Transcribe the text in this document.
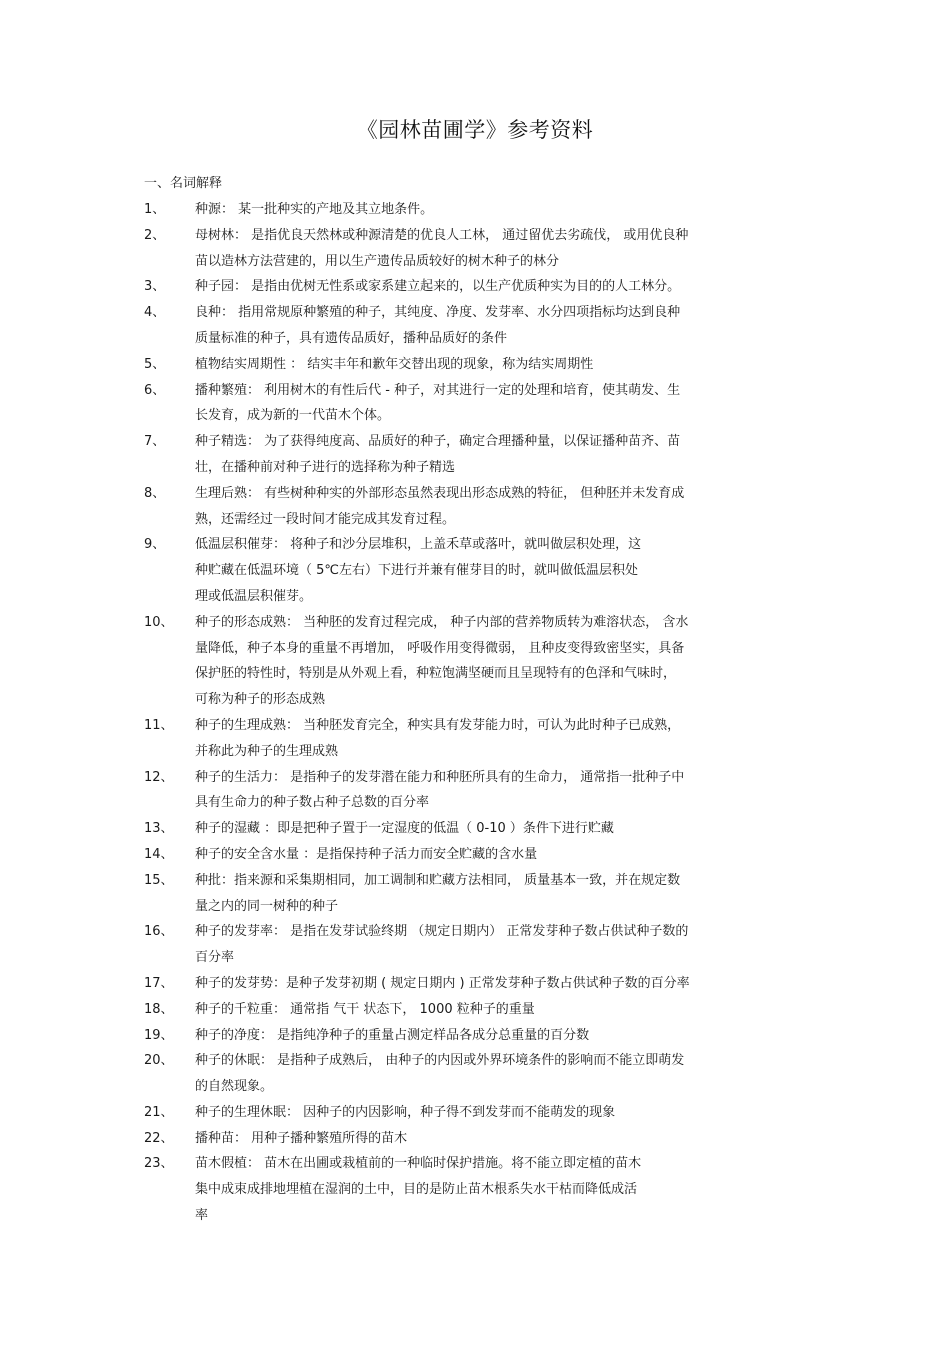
《园林苗圃学》参考资料
一、名词解释
1、 种源： 某一批种实的产地及其立地条件。
2、 母树林： 是指优良天然林或种源清楚的优良人工林， 通过留优去劣疏伐， 或用优良种
苗以造林方法营建的，用以生产遗传品质较好的树木种子的林分
3、 种子园： 是指由优树无性系或家系建立起来的，以生产优质种实为目的的人工林分。
4、 良种： 指用常规原种繁殖的种子，其纯度、净度、发芽率、水分四项指标均达到良种
质量标准的种子，具有遗传品质好，播种品质好的条件
5、 植物结实周期性 ： 结实丰年和歉年交替出现的现象，称为结实周期性
6、 播种繁殖： 利用树木的有性后代 - 种子，对其进行一定的处理和培育，使其萌发、生
长发育，成为新的一代苗木个体。
7、 种子精选： 为了获得纯度高、品质好的种子，确定合理播种量，以保证播种苗齐、苗
壮，在播种前对种子进行的选择称为种子精选
8、 生理后熟： 有些树种种实的外部形态虽然表现出形态成熟的特征， 但种胚并未发育成
熟，还需经过一段时间才能完成其发育过程。
9、 低温层积催芽： 将种子和沙分层堆积，上盖禾草或落叶，就叫做层积处理，这
种贮藏在低温环境（ 5℃左右）下进行并兼有催芽目的时，就叫做低温层积处
理或低温层积催芽。
10、 种子的形态成熟： 当种胚的发育过程完成， 种子内部的营养物质转为难溶状态， 含水
量降低，种子本身的重量不再增加， 呼吸作用变得微弱， 且种皮变得致密坚实，具备
保护胚的特性时，特别是从外观上看，种粒饱满坚硬而且呈现特有的色泽和气味时，
可称为种子的形态成熟
11、 种子的生理成熟： 当种胚发育完全，种实具有发芽能力时，可认为此时种子已成熟，
并称此为种子的生理成熟
12、 种子的生活力： 是指种子的发芽潜在能力和种胚所具有的生命力， 通常指一批种子中
具有生命力的种子数占种子总数的百分率
13、 种子的湿藏 ：即是把种子置于一定湿度的低温（ 0-10 ）条件下进行贮藏
14、 种子的安全含水量 ：是指保持种子活力而安全贮藏的含水量
15、 种批：指来源和采集期相同，加工调制和贮藏方法相同， 质量基本一致，并在规定数
量之内的同一树种的种子
16、 种子的发芽率： 是指在发芽试验终期 （规定日期内） 正常发芽种子数占供试种子数的
百分率
17、 种子的发芽势：是种子发芽初期 ( 规定日期内 ) 正常发芽种子数占供试种子数的百分率
18、 种子的千粒重： 通常指 气干 状态下， 1000 粒种子的重量
19、 种子的净度： 是指纯净种子的重量占测定样品各成分总重量的百分数
20、 种子的休眠： 是指种子成熟后， 由种子的内因或外界环境条件的影响而不能立即萌发
的自然现象。
21、 种子的生理休眠： 因种子的内因影响，种子得不到发芽而不能萌发的现象
22、 播种苗： 用种子播种繁殖所得的苗木
23、 苗木假植： 苗木在出圃或栽植前的一种临时保护措施。将不能立即定植的苗木
集中成束成排地埋植在湿润的土中，目的是防止苗木根系失水干枯而降低成活
率
